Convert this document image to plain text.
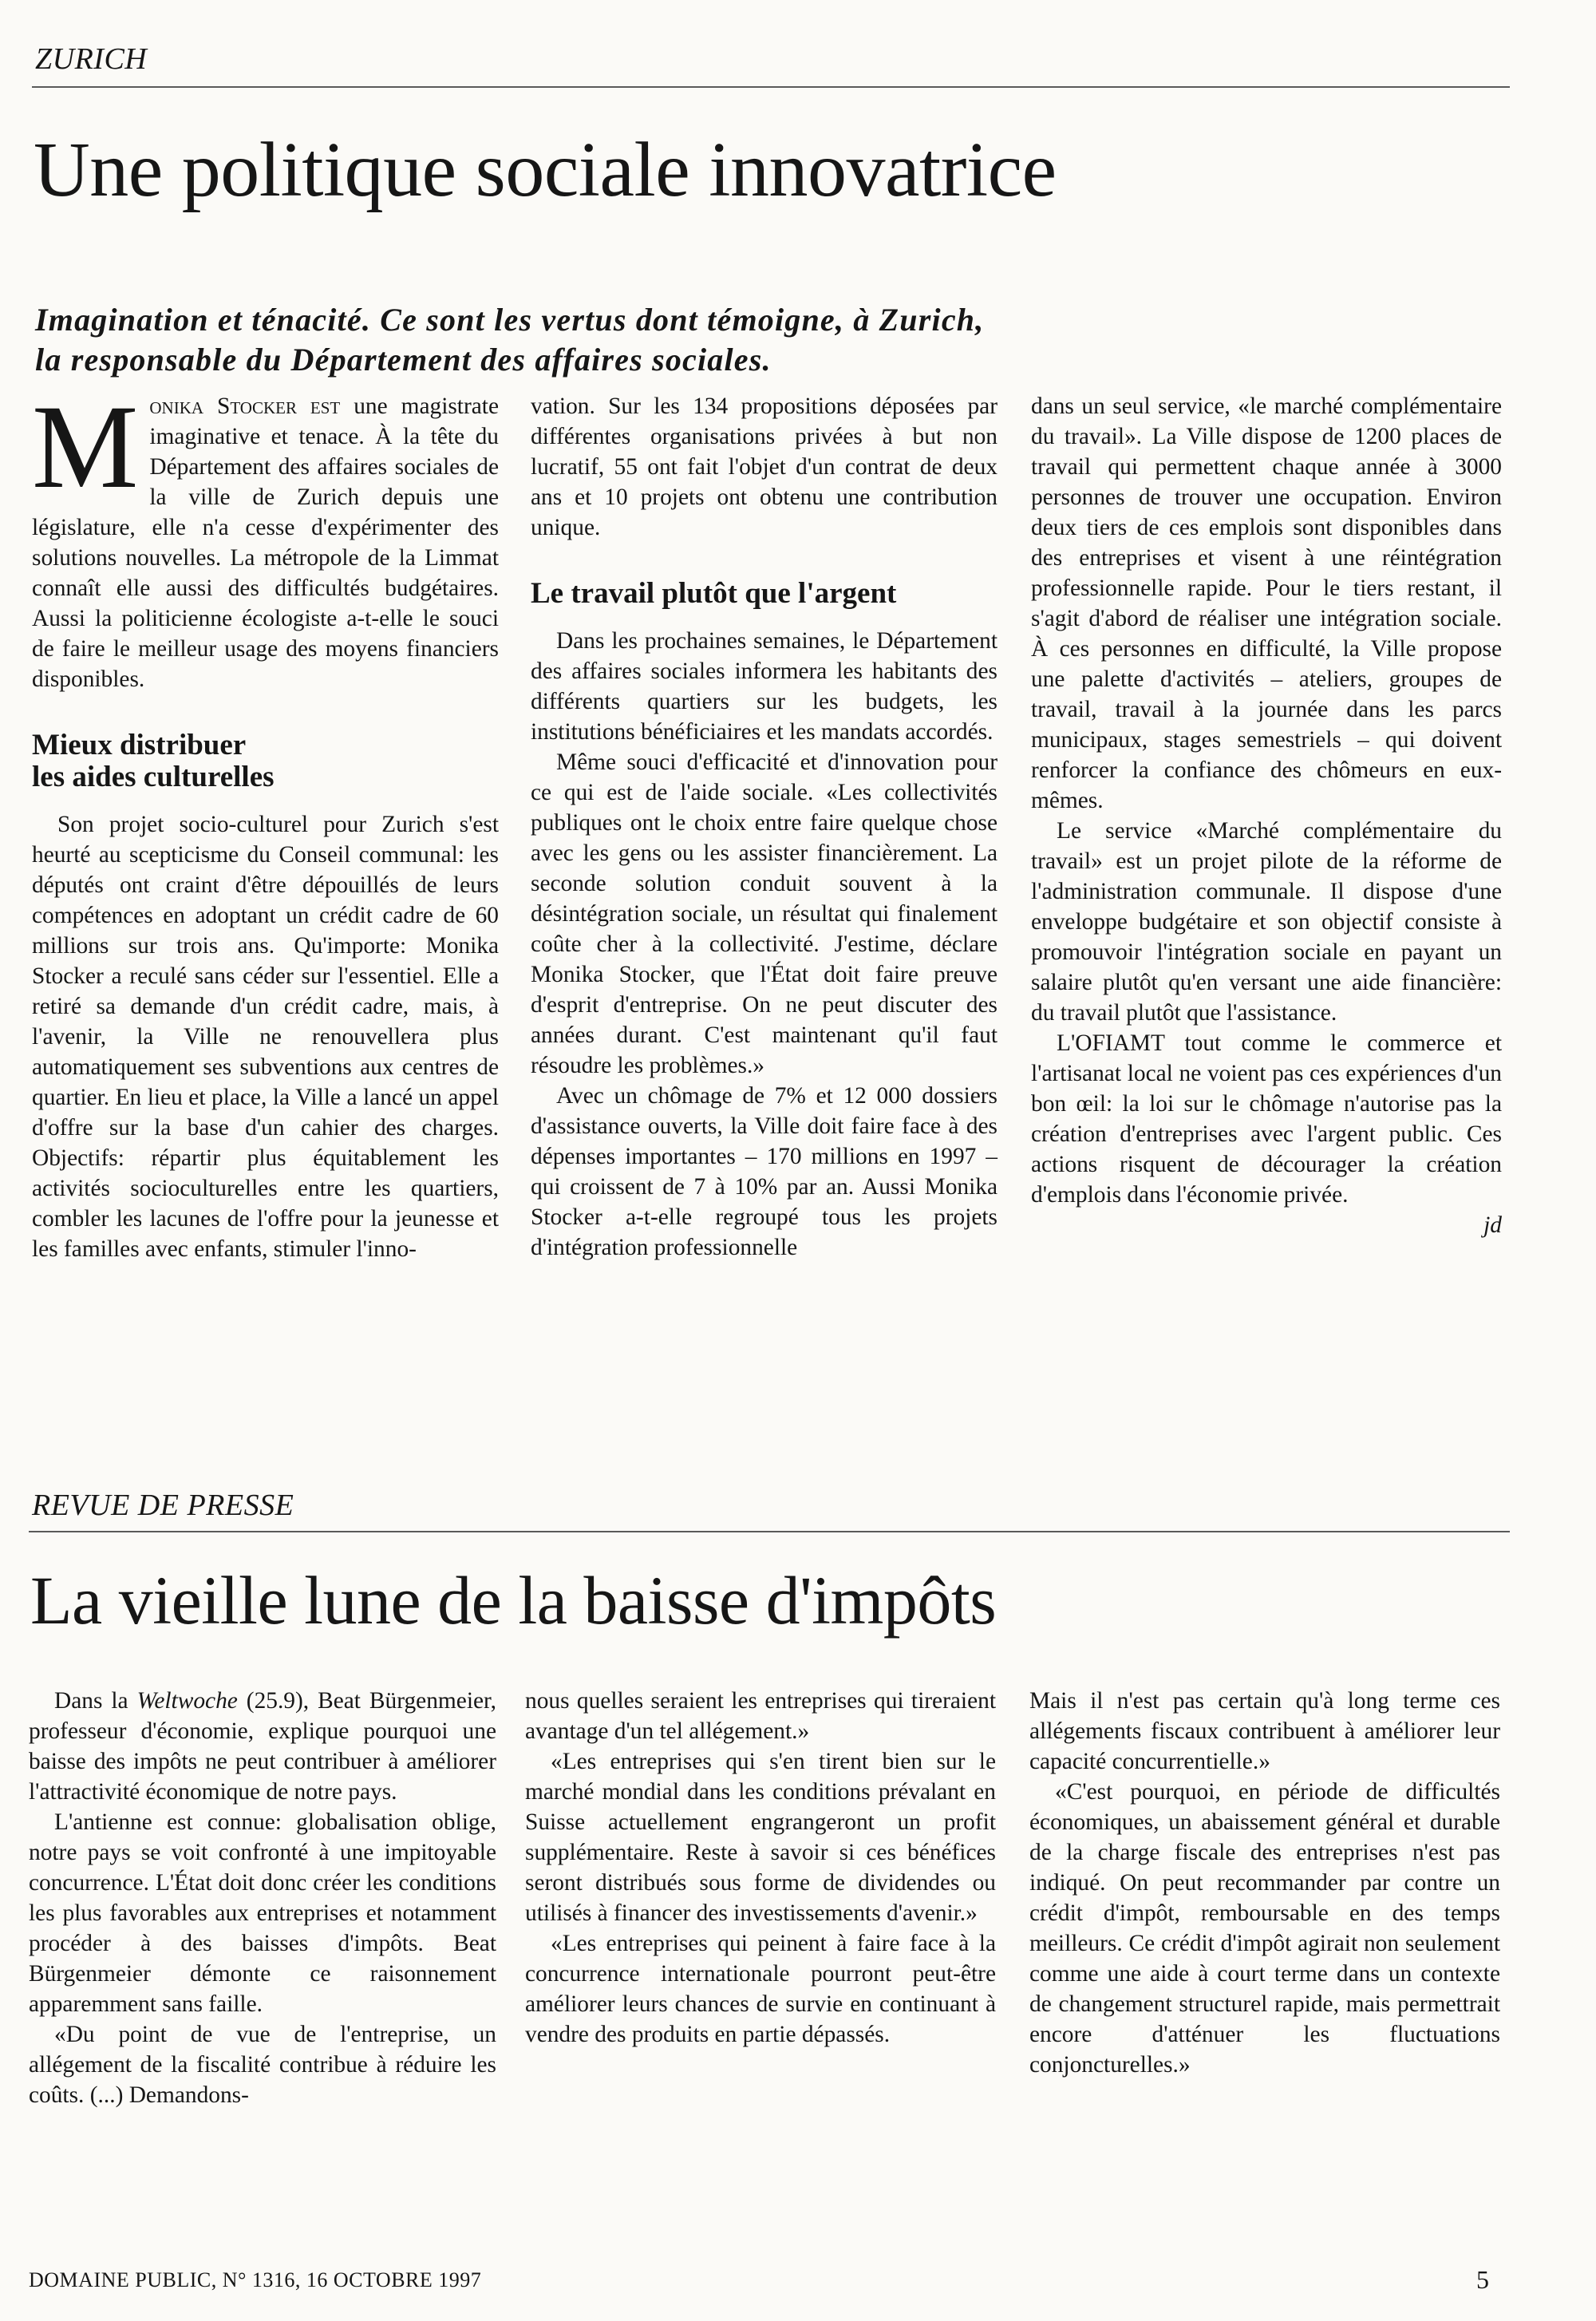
ZURICH
Une politique sociale innovatrice
Imagination et ténacité. Ce sont les vertus dont témoigne, à Zurich,
la responsable du Département des affaires sociales.

Monika Stocker est une magistrate imaginative et tenace. À la tête du Département des affaires sociales de la ville de Zurich depuis une législature, elle n'a cesse d'expérimenter des solutions nouvelles. La métropole de la Limmat connaît elle aussi des difficultés budgétaires. Aussi la politicienne écologiste a-t-elle le souci de faire le meilleur usage des moyens financiers disponibles.

Mieux distribuer
les aides culturelles

Son projet socio-culturel pour Zurich s'est heurté au scepticisme du Conseil communal: les députés ont craint d'être dépouillés de leurs compétences en adoptant un crédit cadre de 60 millions sur trois ans. Qu'importe: Monika Stocker a reculé sans céder sur l'essentiel. Elle a retiré sa demande d'un crédit cadre, mais, à l'avenir, la Ville ne renouvellera plus automatiquement ses subventions aux centres de quartier. En lieu et place, la Ville a lancé un appel d'offre sur la base d'un cahier des charges. Objectifs: répartir plus équitablement les activités socioculturelles entre les quartiers, combler les lacunes de l'offre pour la jeunesse et les familles avec enfants, stimuler l'inno-

vation. Sur les 134 propositions déposées par différentes organisations privées à but non lucratif, 55 ont fait l'objet d'un contrat de deux ans et 10 projets ont obtenu une contribution unique.

Le travail plutôt que l'argent

Dans les prochaines semaines, le Département des affaires sociales informera les habitants des différents quartiers sur les budgets, les institutions bénéficiaires et les mandats accordés.

Même souci d'efficacité et d'innovation pour ce qui est de l'aide sociale. «Les collectivités publiques ont le choix entre faire quelque chose avec les gens ou les assister financièrement. La seconde solution conduit souvent à la désintégration sociale, un résultat qui finalement coûte cher à la collectivité. J'estime, déclare Monika Stocker, que l'État doit faire preuve d'esprit d'entreprise. On ne peut discuter des années durant. C'est maintenant qu'il faut résoudre les problèmes.»

Avec un chômage de 7% et 12 000 dossiers d'assistance ouverts, la Ville doit faire face à des dépenses importantes – 170 millions en 1997 – qui croissent de 7 à 10% par an. Aussi Monika Stocker a-t-elle regroupé tous les projets d'intégration professionnelle

dans un seul service, «le marché complémentaire du travail». La Ville dispose de 1200 places de travail qui permettent chaque année à 3000 personnes de trouver une occupation. Environ deux tiers de ces emplois sont disponibles dans des entreprises et visent à une réintégration professionnelle rapide. Pour le tiers restant, il s'agit d'abord de réaliser une intégration sociale. À ces personnes en difficulté, la Ville propose une palette d'activités – ateliers, groupes de travail, travail à la journée dans les parcs municipaux, stages semestriels – qui doivent renforcer la confiance des chômeurs en eux-mêmes.

Le service «Marché complémentaire du travail» est un projet pilote de la réforme de l'administration communale. Il dispose d'une enveloppe budgétaire et son objectif consiste à promouvoir l'intégration sociale en payant un salaire plutôt qu'en versant une aide financière: du travail plutôt que l'assistance.

L'OFIAMT tout comme le commerce et l'artisanat local ne voient pas ces expériences d'un bon œil: la loi sur le chômage n'autorise pas la création d'entreprises avec l'argent public. Ces actions risquent de décourager la création d'emplois dans l'économie privée.

jd
REVUE DE PRESSE
La vieille lune de la baisse d'impôts

Dans la Weltwoche (25.9), Beat Bürgenmeier, professeur d'économie, explique pourquoi une baisse des impôts ne peut contribuer à améliorer l'attractivité économique de notre pays.

L'antienne est connue: globalisation oblige, notre pays se voit confronté à une impitoyable concurrence. L'État doit donc créer les conditions les plus favorables aux entreprises et notamment procéder à des baisses d'impôts. Beat Bürgenmeier démonte ce raisonnement apparemment sans faille.

«Du point de vue de l'entreprise, un allégement de la fiscalité contribue à réduire les coûts. (...) Demandons-

nous quelles seraient les entreprises qui tireraient avantage d'un tel allégement.»

«Les entreprises qui s'en tirent bien sur le marché mondial dans les conditions prévalant en Suisse actuellement engrangeront un profit supplémentaire. Reste à savoir si ces bénéfices seront distribués sous forme de dividendes ou utilisés à financer des investissements d'avenir.»

«Les entreprises qui peinent à faire face à la concurrence internationale pourront peut-être améliorer leurs chances de survie en continuant à vendre des produits en partie dépassés.

Mais il n'est pas certain qu'à long terme ces allégements fiscaux contribuent à améliorer leur capacité concurrentielle.»

«C'est pourquoi, en période de difficultés économiques, un abaissement général et durable de la charge fiscale des entreprises n'est pas indiqué. On peut recommander par contre un crédit d'impôt, remboursable en des temps meilleurs. Ce crédit d'impôt agirait non seulement comme une aide à court terme dans un contexte de changement structurel rapide, mais permettrait encore d'atténuer les fluctuations conjoncturelles.»

DOMAINE PUBLIC, N° 1316, 16 OCTOBRE 1997	5
